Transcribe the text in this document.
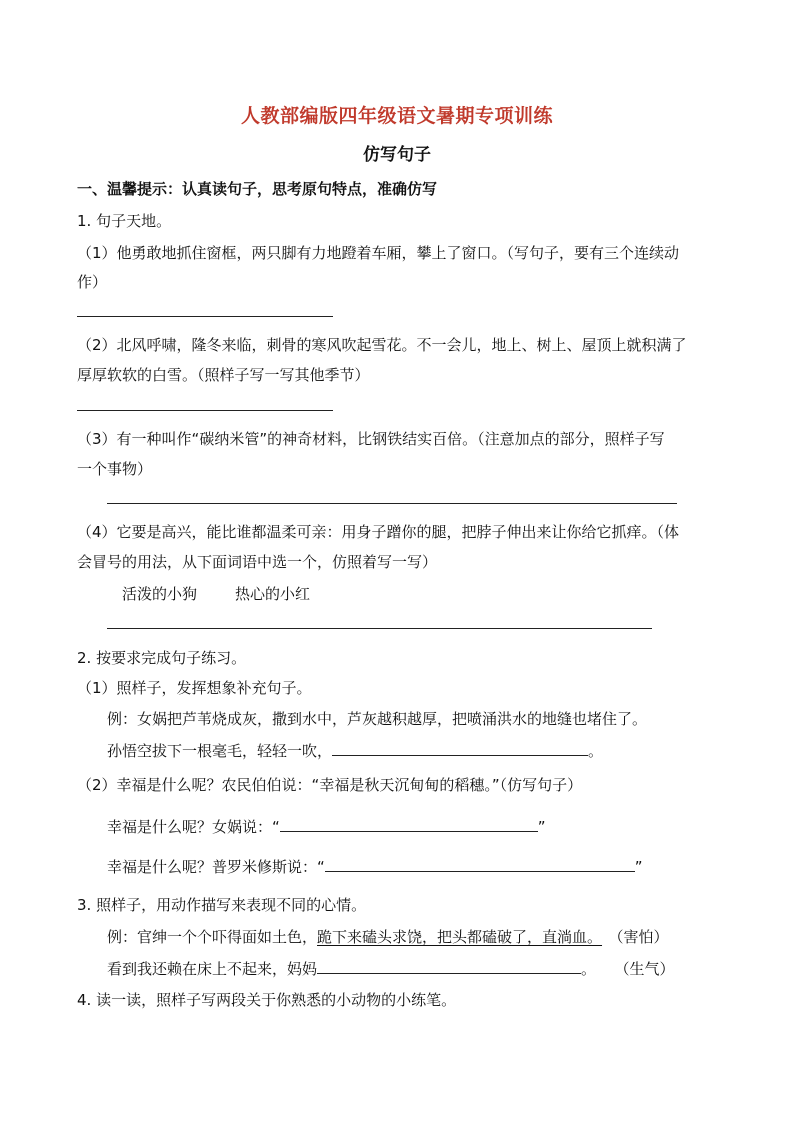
人教部编版四年级语文暑期专项训练
仿写句子
一、温馨提示：认真读句子，思考原句特点，准确仿写
1. 句子天地。
（1）他勇敢地抓住窗框，两只脚有力地蹬着车厢，攀上了窗口。（写句子，要有三个连续动
作）
（2）北风呼啸，隆冬来临，刺骨的寒风吹起雪花。不一会儿，地上、树上、屋顶上就积满了
厚厚软软的白雪。（照样子写一写其他季节）
（3）有一种叫作“碳纳米管”的神奇材料，比钢铁结实百倍。（注意加点的部分，照样子写
一个事物）
（4）它要是高兴，能比谁都温柔可亲：用身子蹭你的腿，把脖子伸出来让你给它抓痒。（体
会冒号的用法，从下面词语中选一个，仿照着写一写）
活泼的小狗	热心的小红
2. 按要求完成句子练习。
（1）照样子，发挥想象补充句子。
例：女娲把芦苇烧成灰，撒到水中，芦灰越积越厚，把喷涌洪水的地缝也堵住了。
孙悟空拔下一根毫毛，轻轻一吹，	。
（2）幸福是什么呢？农民伯伯说：“幸福是秋天沉甸甸的稻穗。”（仿写句子）
幸福是什么呢？女娲说：“	”
幸福是什么呢？普罗米修斯说：“	”
3. 照样子，用动作描写来表现不同的心情。
例：官绅一个个吓得面如土色，跪下来磕头求饶，把头都磕破了，直淌血。 （害怕）
看到我还赖在床上不起来，妈妈	。 （生气）
4. 读一读，照样子写两段关于你熟悉的小动物的小练笔。
